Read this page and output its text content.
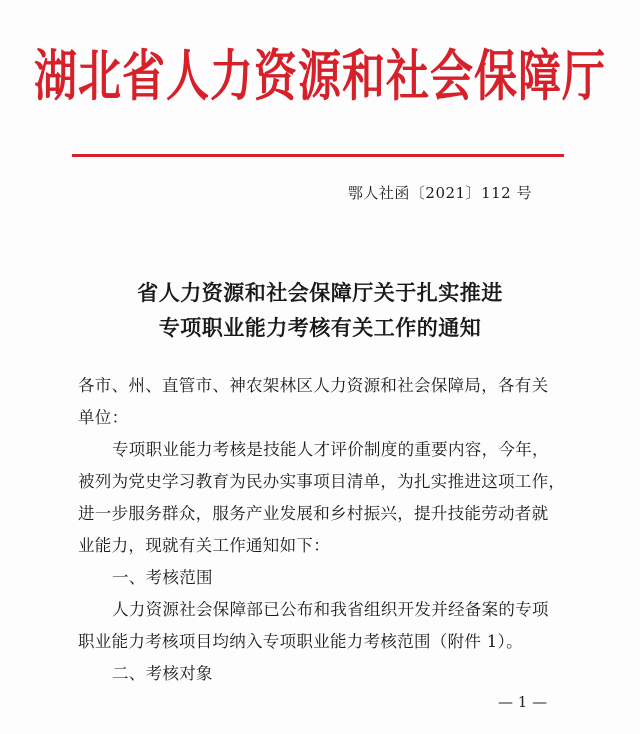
湖北省人力资源和社会保障厅
鄂人社函〔2021〕112 号
省人力资源和社会保障厅关于扎实推进
专项职业能力考核有关工作的通知
各市、州、直管市、神农架林区人力资源和社会保障局，各有关
单位：
专项职业能力考核是技能人才评价制度的重要内容，今年，
被列为党史学习教育为民办实事项目清单，为扎实推进这项工作，
进一步服务群众，服务产业发展和乡村振兴，提升技能劳动者就
业能力，现就有关工作通知如下：
一、考核范围
人力资源社会保障部已公布和我省组织开发并经备案的专项
职业能力考核项目均纳入专项职业能力考核范围（附件 1）。
二、考核对象
— 1 —
